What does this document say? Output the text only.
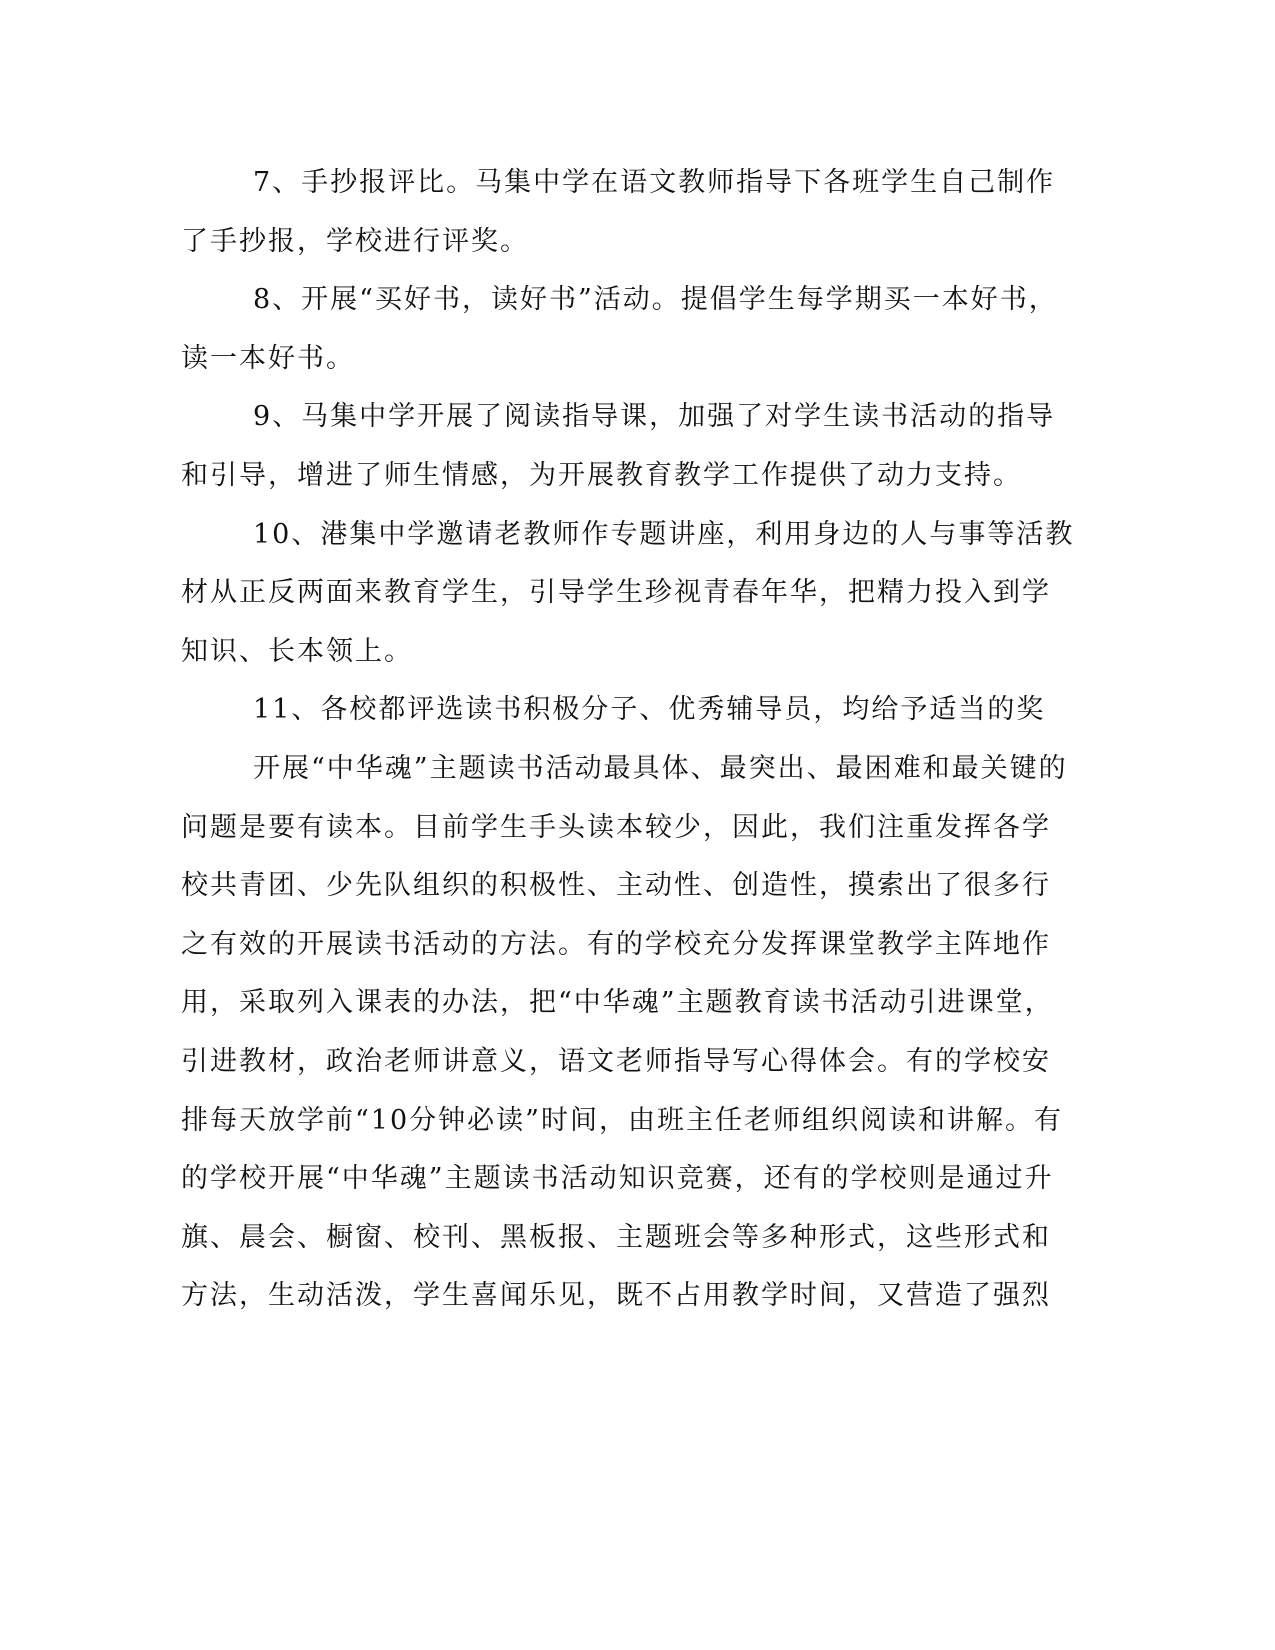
7、手抄报评比。马集中学在语文教师指导下各班学生自己制作
了手抄报，学校进行评奖。
8、开展“买好书，读好书”活动。提倡学生每学期买一本好书，
读一本好书。
9、马集中学开展了阅读指导课，加强了对学生读书活动的指导
和引导，增进了师生情感，为开展教育教学工作提供了动力支持。
10、港集中学邀请老教师作专题讲座，利用身边的人与事等活教
材从正反两面来教育学生，引导学生珍视青春年华，把精力投入到学
知识、长本领上。
11、各校都评选读书积极分子、优秀辅导员，均给予适当的奖
开展“中华魂”主题读书活动最具体、最突出、最困难和最关键的
问题是要有读本。目前学生手头读本较少，因此，我们注重发挥各学
校共青团、少先队组织的积极性、主动性、创造性，摸索出了很多行
之有效的开展读书活动的方法。有的学校充分发挥课堂教学主阵地作
用，采取列入课表的办法，把“中华魂”主题教育读书活动引进课堂，
引进教材，政治老师讲意义，语文老师指导写心得体会。有的学校安
排每天放学前“10分钟必读”时间，由班主任老师组织阅读和讲解。有
的学校开展“中华魂”主题读书活动知识竞赛，还有的学校则是通过升
旗、晨会、橱窗、校刊、黑板报、主题班会等多种形式，这些形式和
方法，生动活泼，学生喜闻乐见，既不占用教学时间，又营造了强烈
